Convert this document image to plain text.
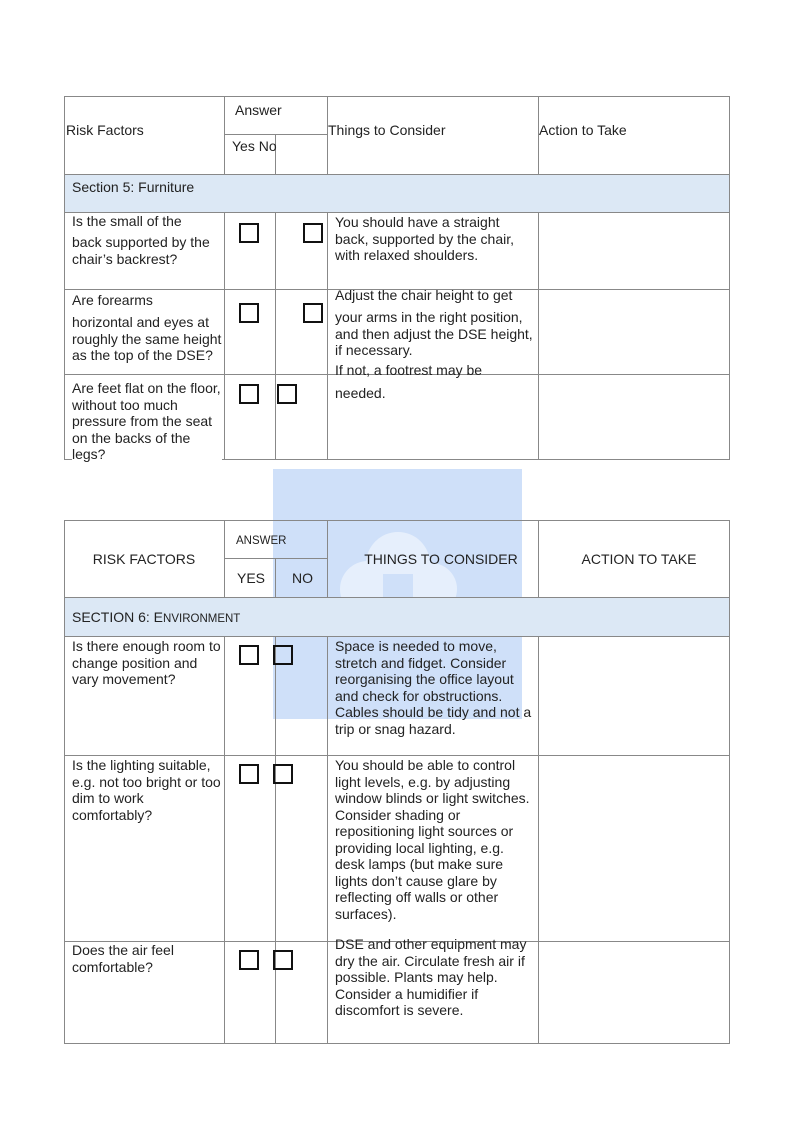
Risk Factors
Answer
Yes No
Things to Consider	Action to Take
Section 5: Furniture
Is the small of the
back supported by the chair’s backrest?
You should have a straight back, supported by the chair, with relaxed shoulders.
Are forearms
horizontal and eyes at roughly the same height as the top of the DSE?
Adjust the chair height to get
your arms in the right position, and then adjust the DSE height, if necessary.
If not, a footrest may be
Are feet flat on the floor, without too much pressure from the seat on the backs of the legs?
needed.
RISK FACTORS
ANSWER
YES NO
THINGS TO CONSIDER	ACTION TO TAKE
SECTION 6: ENVIRONMENT
Is there enough room to change position and vary movement?
Space is needed to move, stretch and fidget. Consider reorganising the office layout and check for obstructions. Cables should be tidy and not a trip or snag hazard.
Is the lighting suitable, e.g. not too bright or too dim to work comfortably?
You should be able to control light levels, e.g. by adjusting window blinds or light switches. Consider shading or repositioning light sources or providing local lighting, e.g. desk lamps (but make sure lights don’t cause glare by reflecting off walls or other surfaces).
Does the air feel comfortable?
DSE and other equipment may dry the air. Circulate fresh air if possible. Plants may help. Consider a humidifier if discomfort is severe.
